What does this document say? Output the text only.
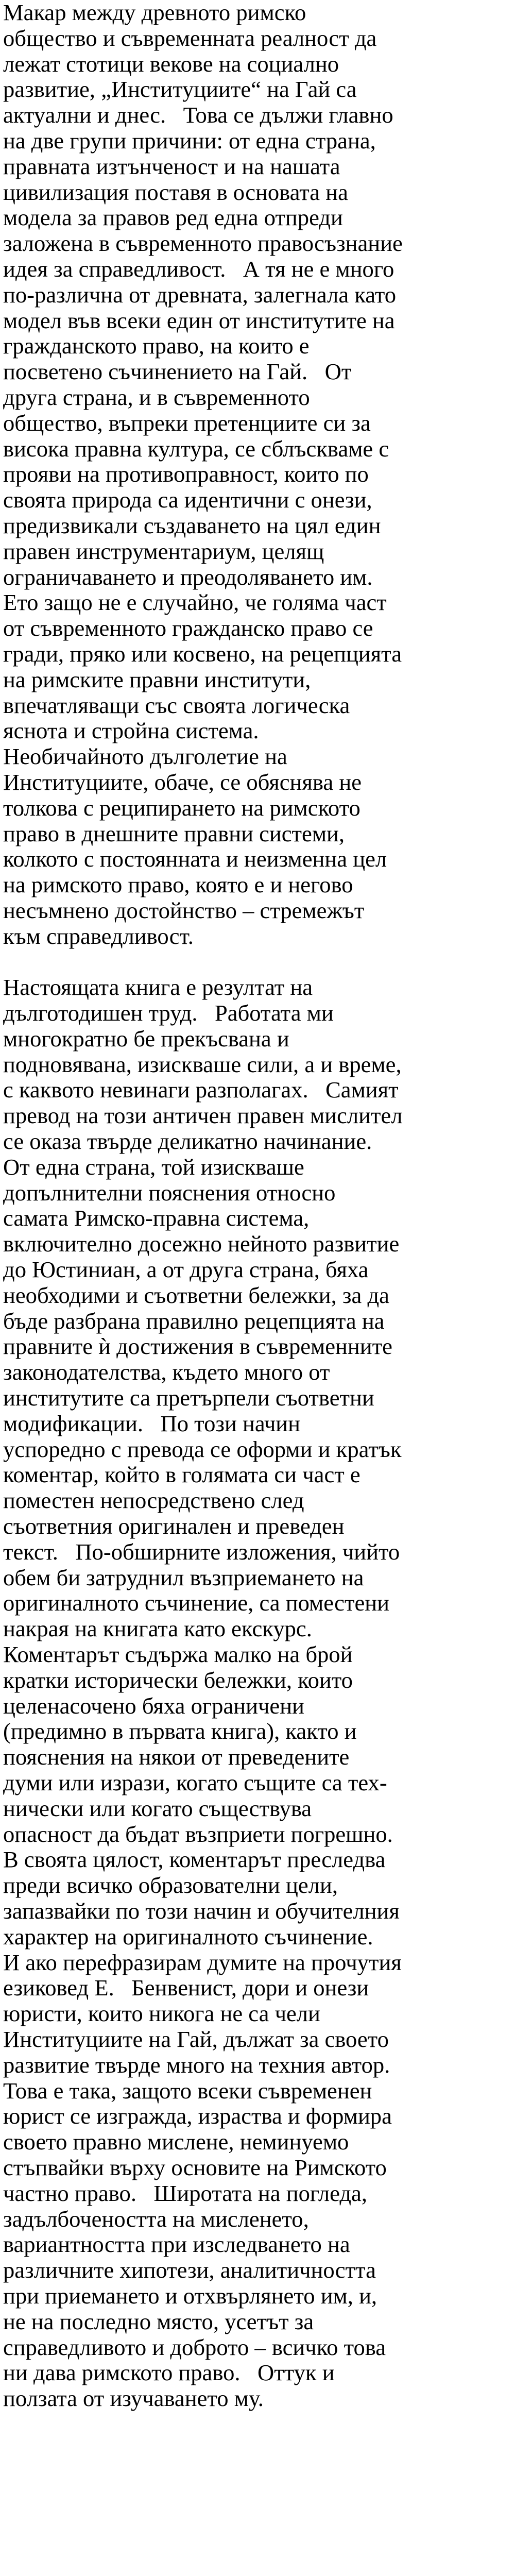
Макар между древното римско
общество и съвременната реалност да
лежат стотици векове на социално
развитие, „Институциите“ на Гай са
актуални и днес.   Това се дължи главно
на две групи причини: от една страна,
правната изтънченост и на нашата
цивилизация поставя в основата на
модела за правов ред една отпреди
заложена в съвременното правосъзнание
идея за справедливост.   А тя не е много
по-различна от древната, залегнала като
модел във всеки един от институтите на
гражданското право, на които е
посветено съчинението на Гай.   От
друга страна, и в съвременното
общество, въпреки претенциите си за
висока правна култура, се сблъскваме с
прояви на противоправност, които по
своята природа са идентични с онези,
предизвикали създаването на цял един
правен инструментариум, целящ
ограничаването и преодоляването им.
Ето защо не е случайно, че голяма част
от съвременното гражданско право се
гради, пряко или косвено, на рецепцията
на римските правни институти,
впечатляващи със своята логическа
яснота и стройна система.
Необичайното дълголетие на
Институциите, обаче, се обяснява не
толкова с реципирането на римското
право в днешните правни системи,
колкото с постоянната и неизменна цел
на римското право, която е и негово
несъмнено достойнство – стремежът
към справедливост.
Настоящата книга е резултат на
дълготодишен труд.   Работата ми
многократно бе прекъсвана и
подновявана, изискваше сили, а и време,
с каквото невинаги разполагах.   Самият
превод на този античен правен мислител
се оказа твърде деликатно начинание.
От една страна, той изискваше
допълнителни пояснения относно
самата Римско-правна система,
включително досежно нейното развитие
до Юстиниан, а от друга страна, бяха
необходими и съответни бележки, за да
бъде разбрана правилно рецепцията на
правните ѝ достижения в съвременните
законодателства, където много от
институтите са претърпели съответни
модификации.   По този начин
успоредно с превода се оформи и кратък
коментар, който в голямата си част е
поместен непосредствено след
съответния оригинален и преведен
текст.   По-обширните изложения, чийто
обем би затруднил възприемането на
оригиналното съчинение, са поместени
накрая на книгата като екскурс.
Коментарът съдържа малко на брой
кратки исторически бележки, които
целенасочено бяха ограничени
(предимно в първата книга), както и
пояснения на някои от преведените
думи или изрази, когато същите са тех-
нически или когато съществува
опасност да бъдат възприети погрешно.
В своята цялост, коментарът преследва
преди всичко образователни цели,
запазвайки по този начин и обучителния
характер на оригиналното съчинение.
И ако перефразирам думите на прочутия
езиковед Е.   Бенвенист, дори и онези
юристи, които никога не са чели
Институциите на Гай, дължат за своето
развитие твърде много на техния автор.
Това е така, защото всеки съвременен
юрист се изгражда, израства и формира
своето правно мислене, неминуемо
стъпвайки върху основите на Римското
частно право.   Широтата на погледа,
задълбочеността на мисленето,
вариантността при изследването на
различните хипотези, аналитичността
при приемането и отхвърлянето им, и,
не на последно място, усетът за
справедливото и доброто – всичко това
ни дава римското право.   Оттук и
ползата от изучаването му.
